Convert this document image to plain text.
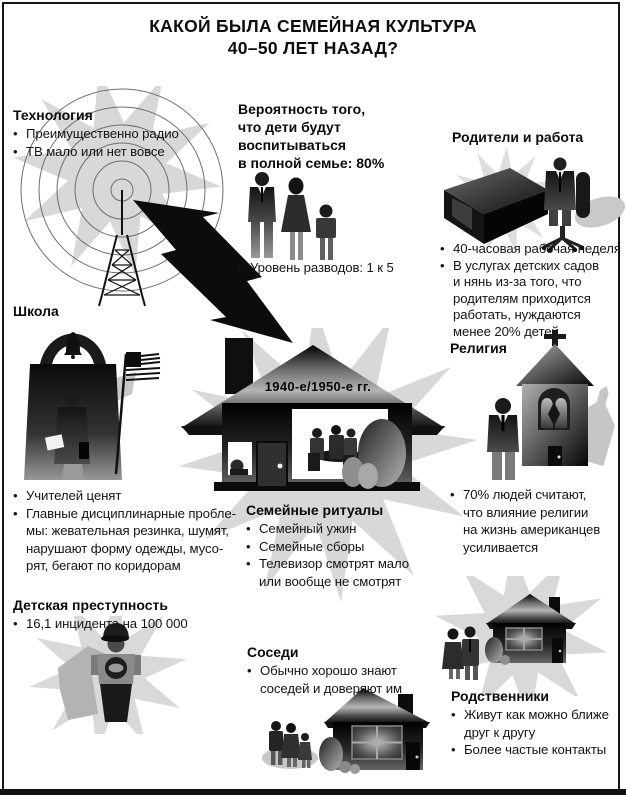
КАКОЙ БЫЛА СЕМЕЙНАЯ КУЛЬТУРА
40–50 ЛЕТ НАЗАД?
Технология
• Преимущественно радио
• ТВ мало или нет вовсе
Вероятность того,
что дети будут
воспитываться
в полной семье: 80%
• Уровень разводов: 1 к 5
Родители и работа
• 40-часовая рабочая неделя
• В услугах детских садов
и нянь из-за того, что
родителям приходится
работать, нуждаются
менее 20% детей
Школа
• Учителей ценят
• Главные дисциплинарные пробле-
мы: жевательная резинка, шумят,
нарушают форму одежды, мусо-
рят, бегают по коридорам
1940-е/1950-е гг.
Семейные ритуалы
• Семейный ужин
• Семейные сборы
• Телевизор смотрят мало
или вообще не смотрят
Религия
• 70% людей считают,
что влияние религии
на жизнь американцев
усиливается
Детская преступность
• 16,1 инцидента на 100 000
Соседи
• Обычно хорошо знают
соседей и доверяют им	Родственники
• Живут как можно ближе
друг к другу
• Более частые контакты
